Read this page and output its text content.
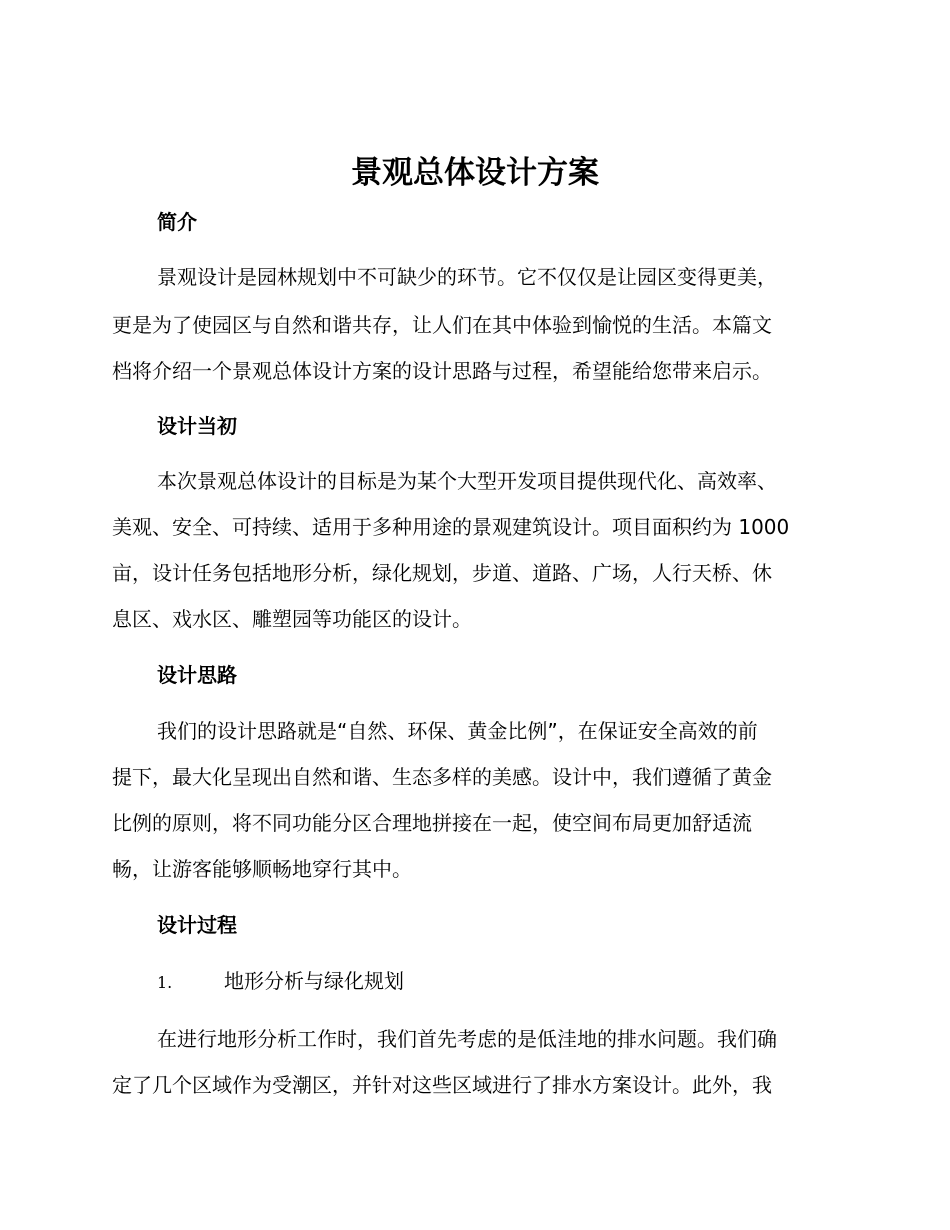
景观总体设计方案
简介

景观设计是园林规划中不可缺少的环节。它不仅仅是让园区变得更美，

更是为了使园区与自然和谐共存，让人们在其中体验到愉悦的生活。本篇文

档将介绍一个景观总体设计方案的设计思路与过程，希望能给您带来启示。

设计当初

本次景观总体设计的目标是为某个大型开发项目提供现代化、高效率、

美观、安全、可持续、适用于多种用途的景观建筑设计。项目面积约为 1000

亩，设计任务包括地形分析，绿化规划，步道、道路、广场，人行天桥、休

息区、戏水区、雕塑园等功能区的设计。

设计思路

我们的设计思路就是“自然、环保、黄金比例”，在保证安全高效的前

提下，最大化呈现出自然和谐、生态多样的美感。设计中，我们遵循了黄金

比例的原则，将不同功能分区合理地拼接在一起，使空间布局更加舒适流

畅，让游客能够顺畅地穿行其中。

设计过程
1.	地形分析与绿化规划

在进行地形分析工作时，我们首先考虑的是低洼地的排水问题。我们确

定了几个区域作为受潮区，并针对这些区域进行了排水方案设计。此外，我
